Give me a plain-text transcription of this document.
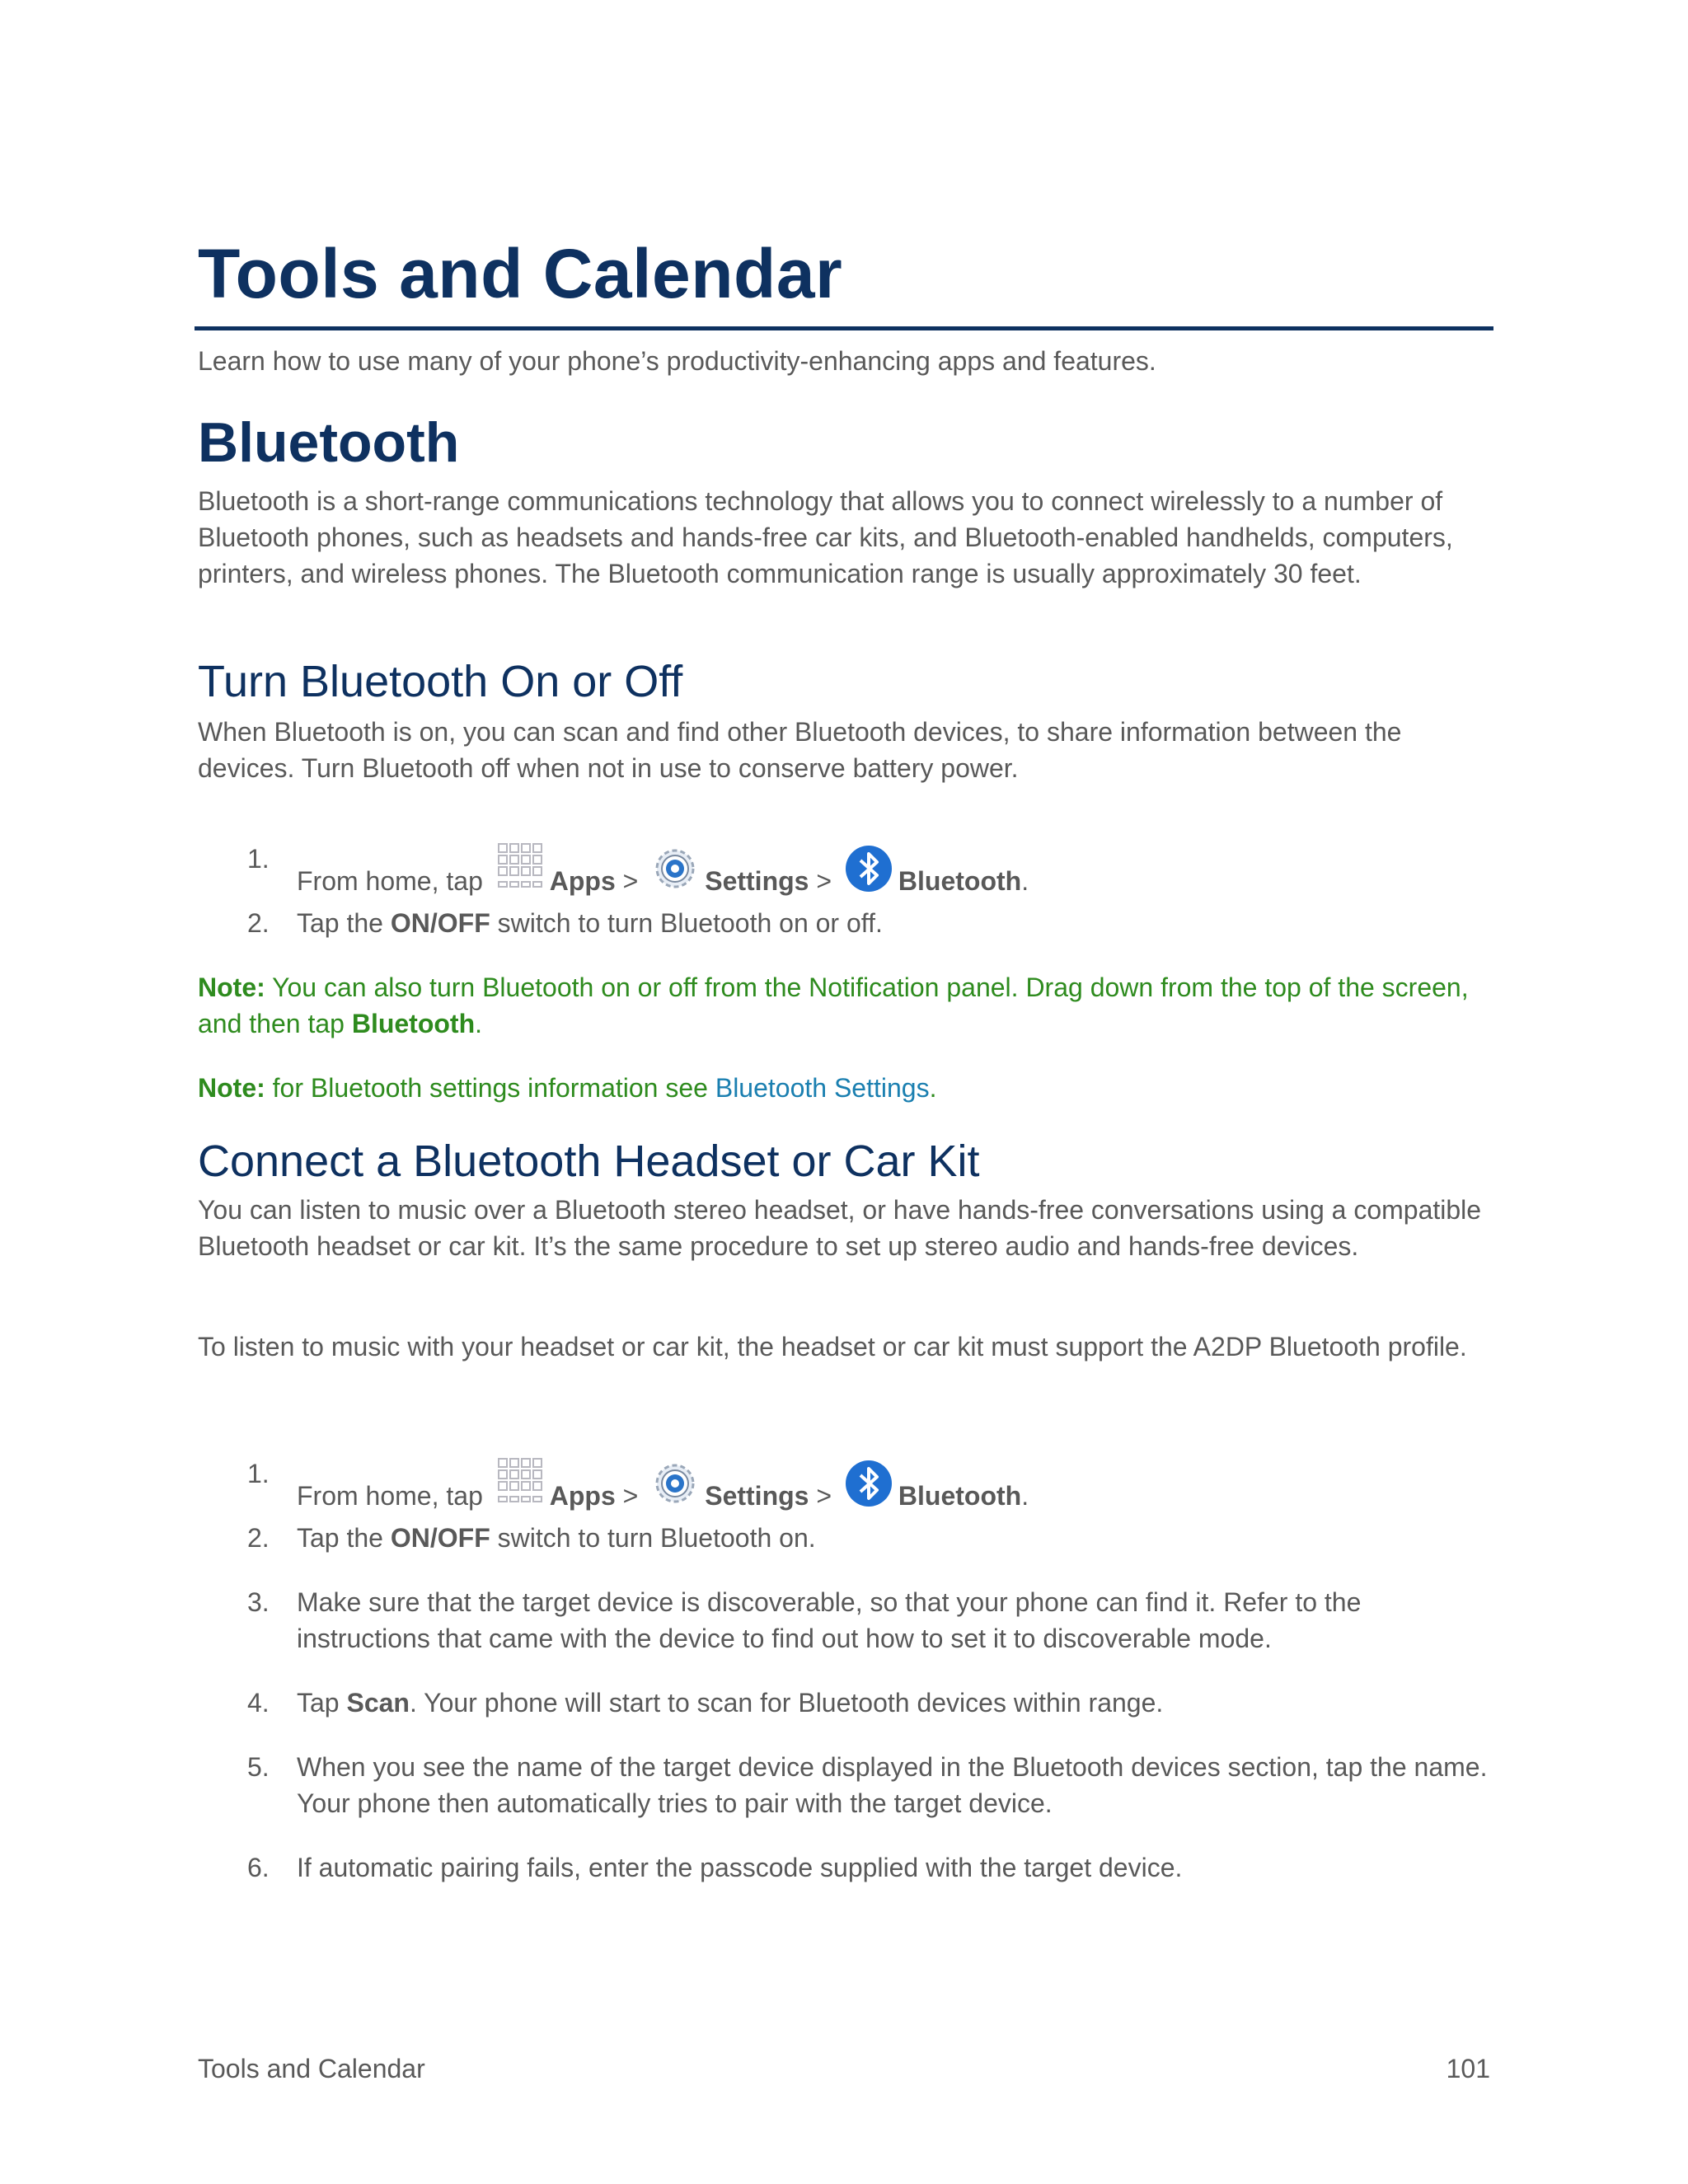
Tools and Calendar
Learn how to use many of your phone’s productivity-enhancing apps and features.
Bluetooth

Bluetooth is a short-range communications technology that allows you to connect wirelessly to a number of Bluetooth phones, such as headsets and hands-free car kits, and Bluetooth-enabled handhelds, computers, printers, and wireless phones. The Bluetooth communication range is usually approximately 30 feet.

Turn Bluetooth On or Off

When Bluetooth is on, you can scan and find other Bluetooth devices, to share information between the devices. Turn Bluetooth off when not in use to conserve battery power.

1.
From home, tap	Apps >	Settings >	Bluetooth.
2. Tap the ON/OFF switch to turn Bluetooth on or off.
Note: You can also turn Bluetooth on or off from the Notification panel. Drag down from the top of the screen, and then tap Bluetooth.
Note: for Bluetooth settings information see Bluetooth Settings.
Connect a Bluetooth Headset or Car Kit

You can listen to music over a Bluetooth stereo headset, or have hands-free conversations using a compatible Bluetooth headset or car kit. It’s the same procedure to set up stereo audio and hands-free devices.

To listen to music with your headset or car kit, the headset or car kit must support the A2DP Bluetooth profile.

1.
From home, tap	Apps >	Settings >	Bluetooth.
2. Tap the ON/OFF switch to turn Bluetooth on.
3. Make sure that the target device is discoverable, so that your phone can find it. Refer to the instructions that came with the device to find out how to set it to discoverable mode.
4. Tap Scan. Your phone will start to scan for Bluetooth devices within range.
5. When you see the name of the target device displayed in the Bluetooth devices section, tap the name. Your phone then automatically tries to pair with the target device.
6. If automatic pairing fails, enter the passcode supplied with the target device.
Tools and Calendar	101
